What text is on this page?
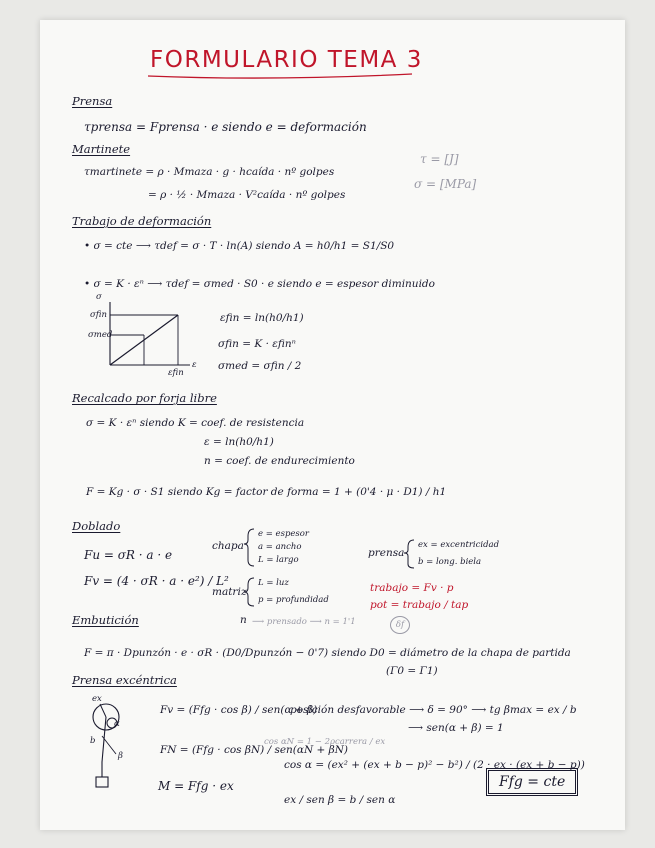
FORMULARIO TEMA 3
Prensa
τprensa = Fprensa · e siendo e = deformación
Martinete
τmartinete = ρ · Mmaza · g · hcaída · nº golpes
= ρ · ½ · Mmaza · V²caída · nº golpes
τ = [J]
σ = [MPa]
Trabajo de deformación
• σ = cte ⟶ τdef = σ · T · ln(A) siendo A = h0/h1 = S1/S0
• σ = K · εⁿ ⟶ τdef = σmed · S0 · e siendo e = espesor diminuido
σ
σfin
σmed
εfin
ε
εfin = ln(h0/h1)
σfin = K · εfinⁿ
σmed = σfin / 2
Recalcado por forja libre
σ = K · εⁿ siendo K = coef. de resistencia
ε = ln(h0/h1)
n = coef. de endurecimiento
F = Kg · σ · S1 siendo Kg = factor de forma = 1 + (0'4 · μ · D1) / h1
Doblado
Fu = σR · a · e
Fv = (4 · σR · a · e²) / L²
chapa
e = espesor
a = ancho
L = largo
matriz
L = luz
p = profundidad
prensa
ex = excentricidad
b = long. biela
trabajo = Fv · p
pot = trabajo / tap
Embutición	n ⟶ prensado ⟶ n = 1'1	δf
F = π · Dpunzón · e · σR · (D0/Dpunzón − 0'7) siendo D0 = diámetro de la chapa de partida
(Γ0 = Γ1)
Prensa excéntrica
ex
α
b
β
Fv = (Ffg · cos β) / sen(α + β)
FN = (Ffg · cos βN) / sen(αN + βN)
cos αN = 1 − 2ρcarrera / ex
M = Ffg · ex
posición desfavorable ⟶ δ = 90° ⟶ tg βmax = ex / b
⟶ sen(α + β) = 1
cos α = (ex² + (ex + b − p)² − b²) / (2 · ex · (ex + b − p))
ex / sen β = b / sen α
Ffg = cte
